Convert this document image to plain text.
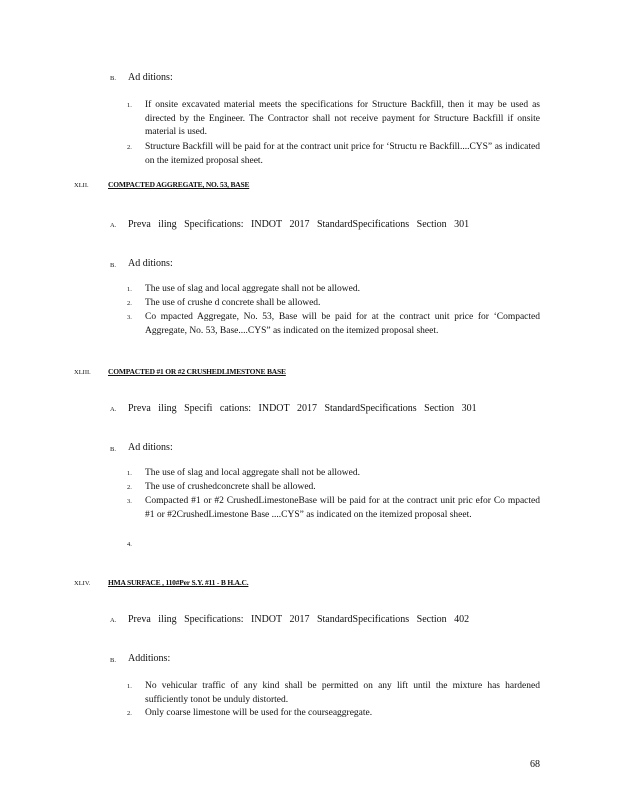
B. Ad ditions:
1. If onsite excavated material meets the specifications for Structure Backfill, then it may be used as directed by the Engineer. The Contractor shall not receive payment for Structure Backfill if onsite material is used.
2. Structure Backfill will be paid for at the contract unit price for ‘Structu re Backfill....CYS” as indicated on the itemized proposal sheet.
XLII.	COMPACTED AGGREGATE, NO. 53, BASE
A. Preva iling Specifications: INDOT 2017 StandardSpecifications Section 301
B. Ad ditions:
1. The use of slag and local aggregate shall not be allowed.
2. The use of crushe d concrete shall be allowed.
3. Co mpacted Aggregate, No. 53, Base will be paid for at the contract unit price for ‘Compacted Aggregate, No. 53, Base....CYS” as indicated on the itemized proposal sheet.
XLIII. COMPACTED #1 OR #2 CRUSHEDLIMESTONE BASE
A. Preva iling Specifi cations: INDOT 2017 StandardSpecifications Section 301
B. Ad ditions:
1. The use of slag and local aggregate shall not be allowed.
2. The use of crushedconcrete shall be allowed.
3. Compacted #1 or #2 CrushedLimestoneBase will be paid for at the contract unit pric efor Co mpacted #1 or #2CrushedLimestone Base ....CYS” as indicated on the itemized proposal sheet.
4.
XLIV. HMA SURFACE , 110#Per S.Y. #11 - B H.A.C.
A. Preva iling Specifications: INDOT 2017 StandardSpecifications Section 402
B. Additions:
1. No vehicular traffic of any kind shall be permitted on any lift until the mixture has hardened sufficiently tonot be unduly distorted.
2. Only coarse limestone will be used for the courseaggregate.
68
